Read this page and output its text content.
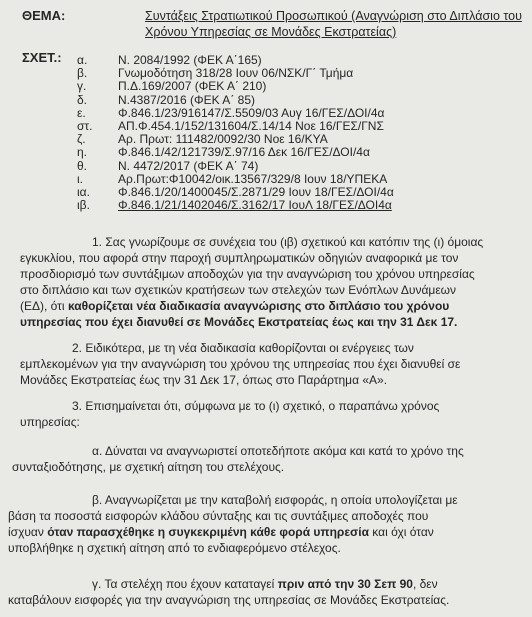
ΘΕΜΑ:	Συντάξεις Στρατιωτικού Προσωπικού (Αναγνώριση στο Διπλάσιο του
Χρόνου Υπηρεσίας σε Μονάδες Εκστρατείας)
ΣΧΕΤ.: α.	Ν. 2084/1992 (ΦΕΚ Α΄165)
β.	Γνωμοδότηση 318/28 Ιουν 06/ΝΣΚ/Γ΄ Τμήμα
γ.	Π.Δ.169/2007 (ΦΕΚ Α΄ 210)
δ.	Ν.4387/2016 (ΦΕΚ Α΄ 85)
ε.	Φ.846.1/23/916147/Σ.5509/03 Αυγ 16/ΓΕΣ/ΔΟΙ/4α
στ. ΑΠ.Φ.454.1/152/131604/Σ.14/14 Νοε 16/ΓΕΣ/ΓΝΣ
ζ.	Αρ. Πρωτ: 111482/0092/30 Νοε 16/ΚΥΑ
η.	Φ.846.1/42/121739/Σ.97/16 Δεκ 16/ΓΕΣ/ΔΟΙ/4α
θ.	Ν. 4472/2017 (ΦΕΚ Α΄ 74)
ι.	Αρ.Πρωτ:Φ10042/οικ.13567/329/8 Ιουν 18/ΥΠΕΚΑ
ια. Φ.846.1/20/1400045/Σ.2871/29 Ιουν 18/ΓΕΣ/ΔΟΙ/4α
ιβ. Φ.846.1/21/1402046/Σ.3162/17 ΙουΛ 18/ΓΕΣ/ΔΟΙ4α
1. Σας γνωρίζουμε σε συνέχεια του (ιβ) σχετικού και κατόπιν της (ι) όμοιας
εγκυκλίου, που αφορά στην παροχή συμπληρωματικών οδηγιών αναφορικά με τον
προσδιορισμό των συντάξιμων αποδοχών για την αναγνώριση του χρόνου υπηρεσίας
στο διπλάσιο και των σχετικών κρατήσεων των στελεχών των Ενόπλων Δυνάμεων
(ΕΔ), ότι καθορίζεται νέα διαδικασία αναγνώρισης στο διπλάσιο του χρόνου
υπηρεσίας που έχει διανυθεί σε Μονάδες Εκστρατείας έως και την 31 Δεκ 17.
2. Ειδικότερα, με τη νέα διαδικασία καθορίζονται οι ενέργειες των
εμπλεκομένων για την αναγνώριση του χρόνου της υπηρεσίας που έχει διανυθεί σε
Μονάδες Εκστρατείας έως την 31 Δεκ 17, όπως στο Παράρτημα «Α».
3. Επισημαίνεται ότι, σύμφωνα με το (ι) σχετικό, ο παραπάνω χρόνος
υπηρεσίας:
α. Δύναται να αναγνωριστεί οποτεδήποτε ακόμα και κατά το χρόνο της
συνταξιοδότησης, με σχετική αίτηση του στελέχους.
β. Αναγνωρίζεται με την καταβολή εισφοράς, η οποία υπολογίζεται με
βάση τα ποσοστά εισφορών κλάδου σύνταξης και τις συντάξιμες αποδοχές που
ίσχυαν όταν παρασχέθηκε η συγκεκριμένη κάθε φορά υπηρεσία και όχι όταν
υποβλήθηκε η σχετική αίτηση από το ενδιαφερόμενο στέλεχος.
γ. Τα στελέχη που έχουν καταταγεί πριν από την 30 Σεπ 90, δεν
καταβάλουν εισφορές για την αναγνώριση της υπηρεσίας σε Μονάδες Εκστρατείας.
